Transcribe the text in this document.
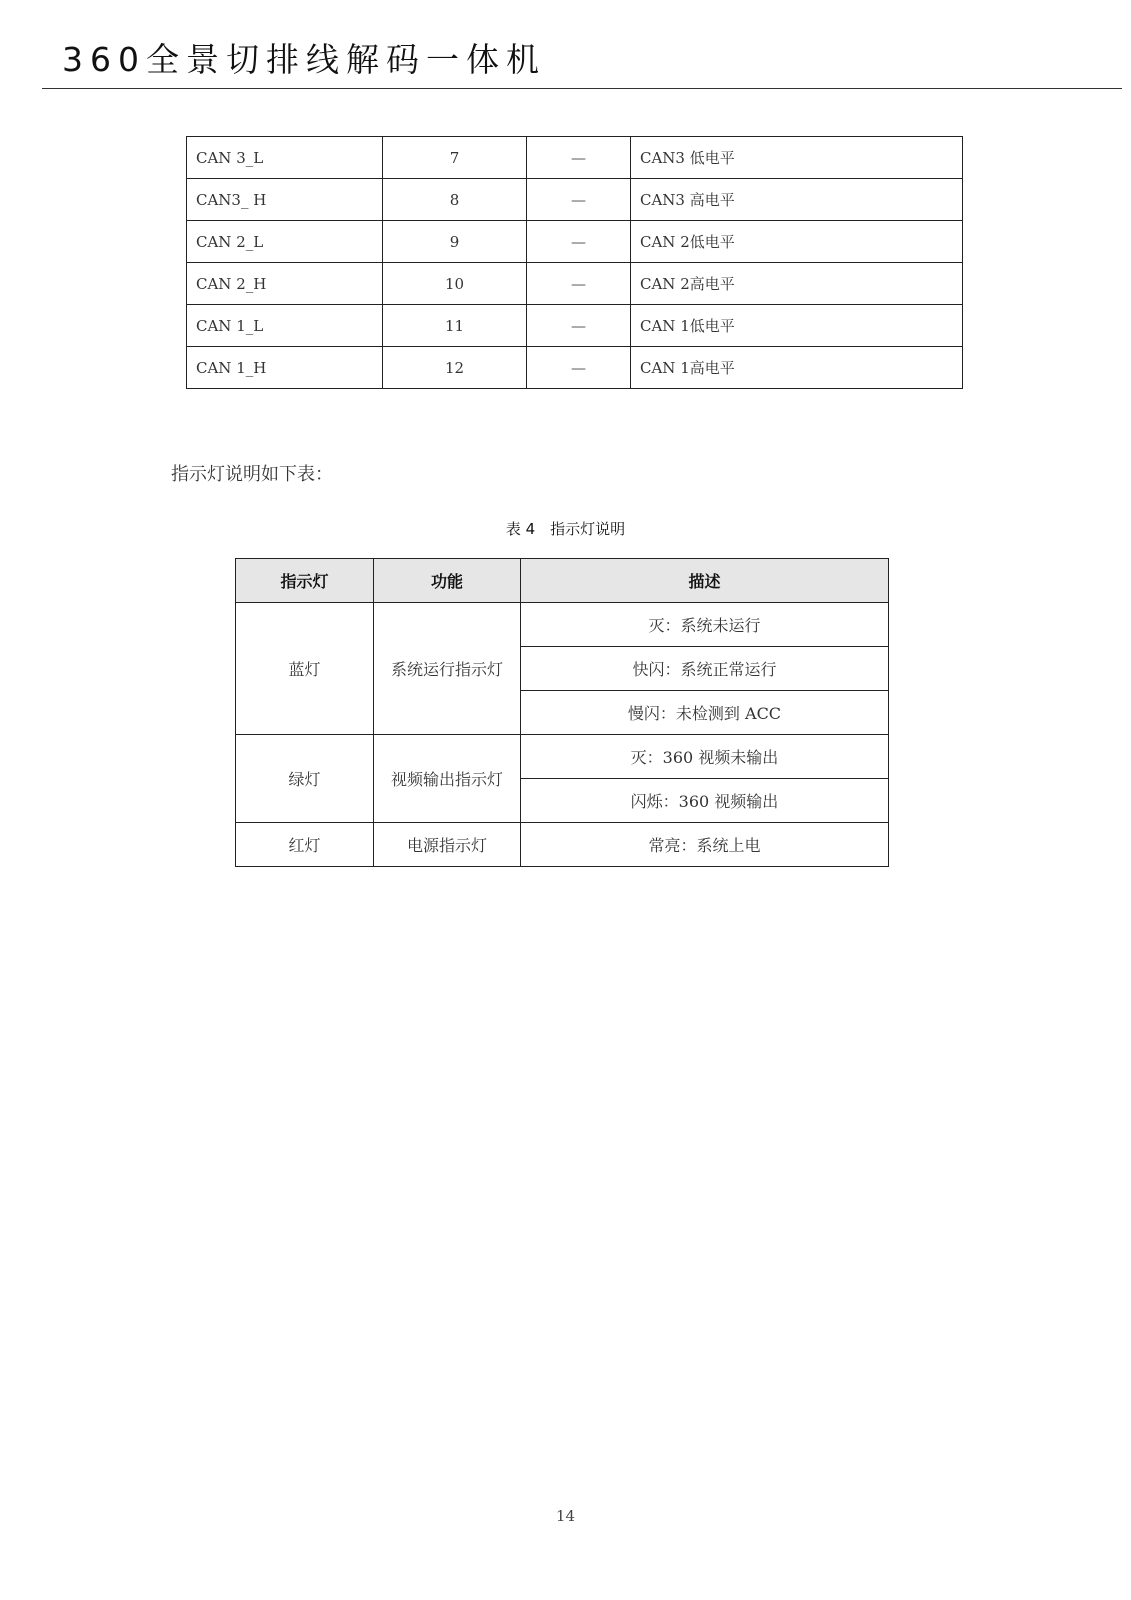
360全景切排线解码一体机
CAN 3_L	7	—	CAN3 低电平
CAN3_ H	8	—	CAN3 高电平
CAN 2_L	9	—	CAN 2低电平
CAN 2_H	10	—	CAN 2高电平
CAN 1_L	11	—	CAN 1低电平
CAN 1_H	12	—	CAN 1高电平
指示灯说明如下表：
表 4　指示灯说明
指示灯	功能	描述
蓝灯	系统运行指示灯	灭：系统未运行
		快闪：系统正常运行
		慢闪：未检测到 ACC
绿灯	视频输出指示灯	灭：360 视频未输出
		闪烁：360 视频输出
红灯	电源指示灯	常亮：系统上电
14
